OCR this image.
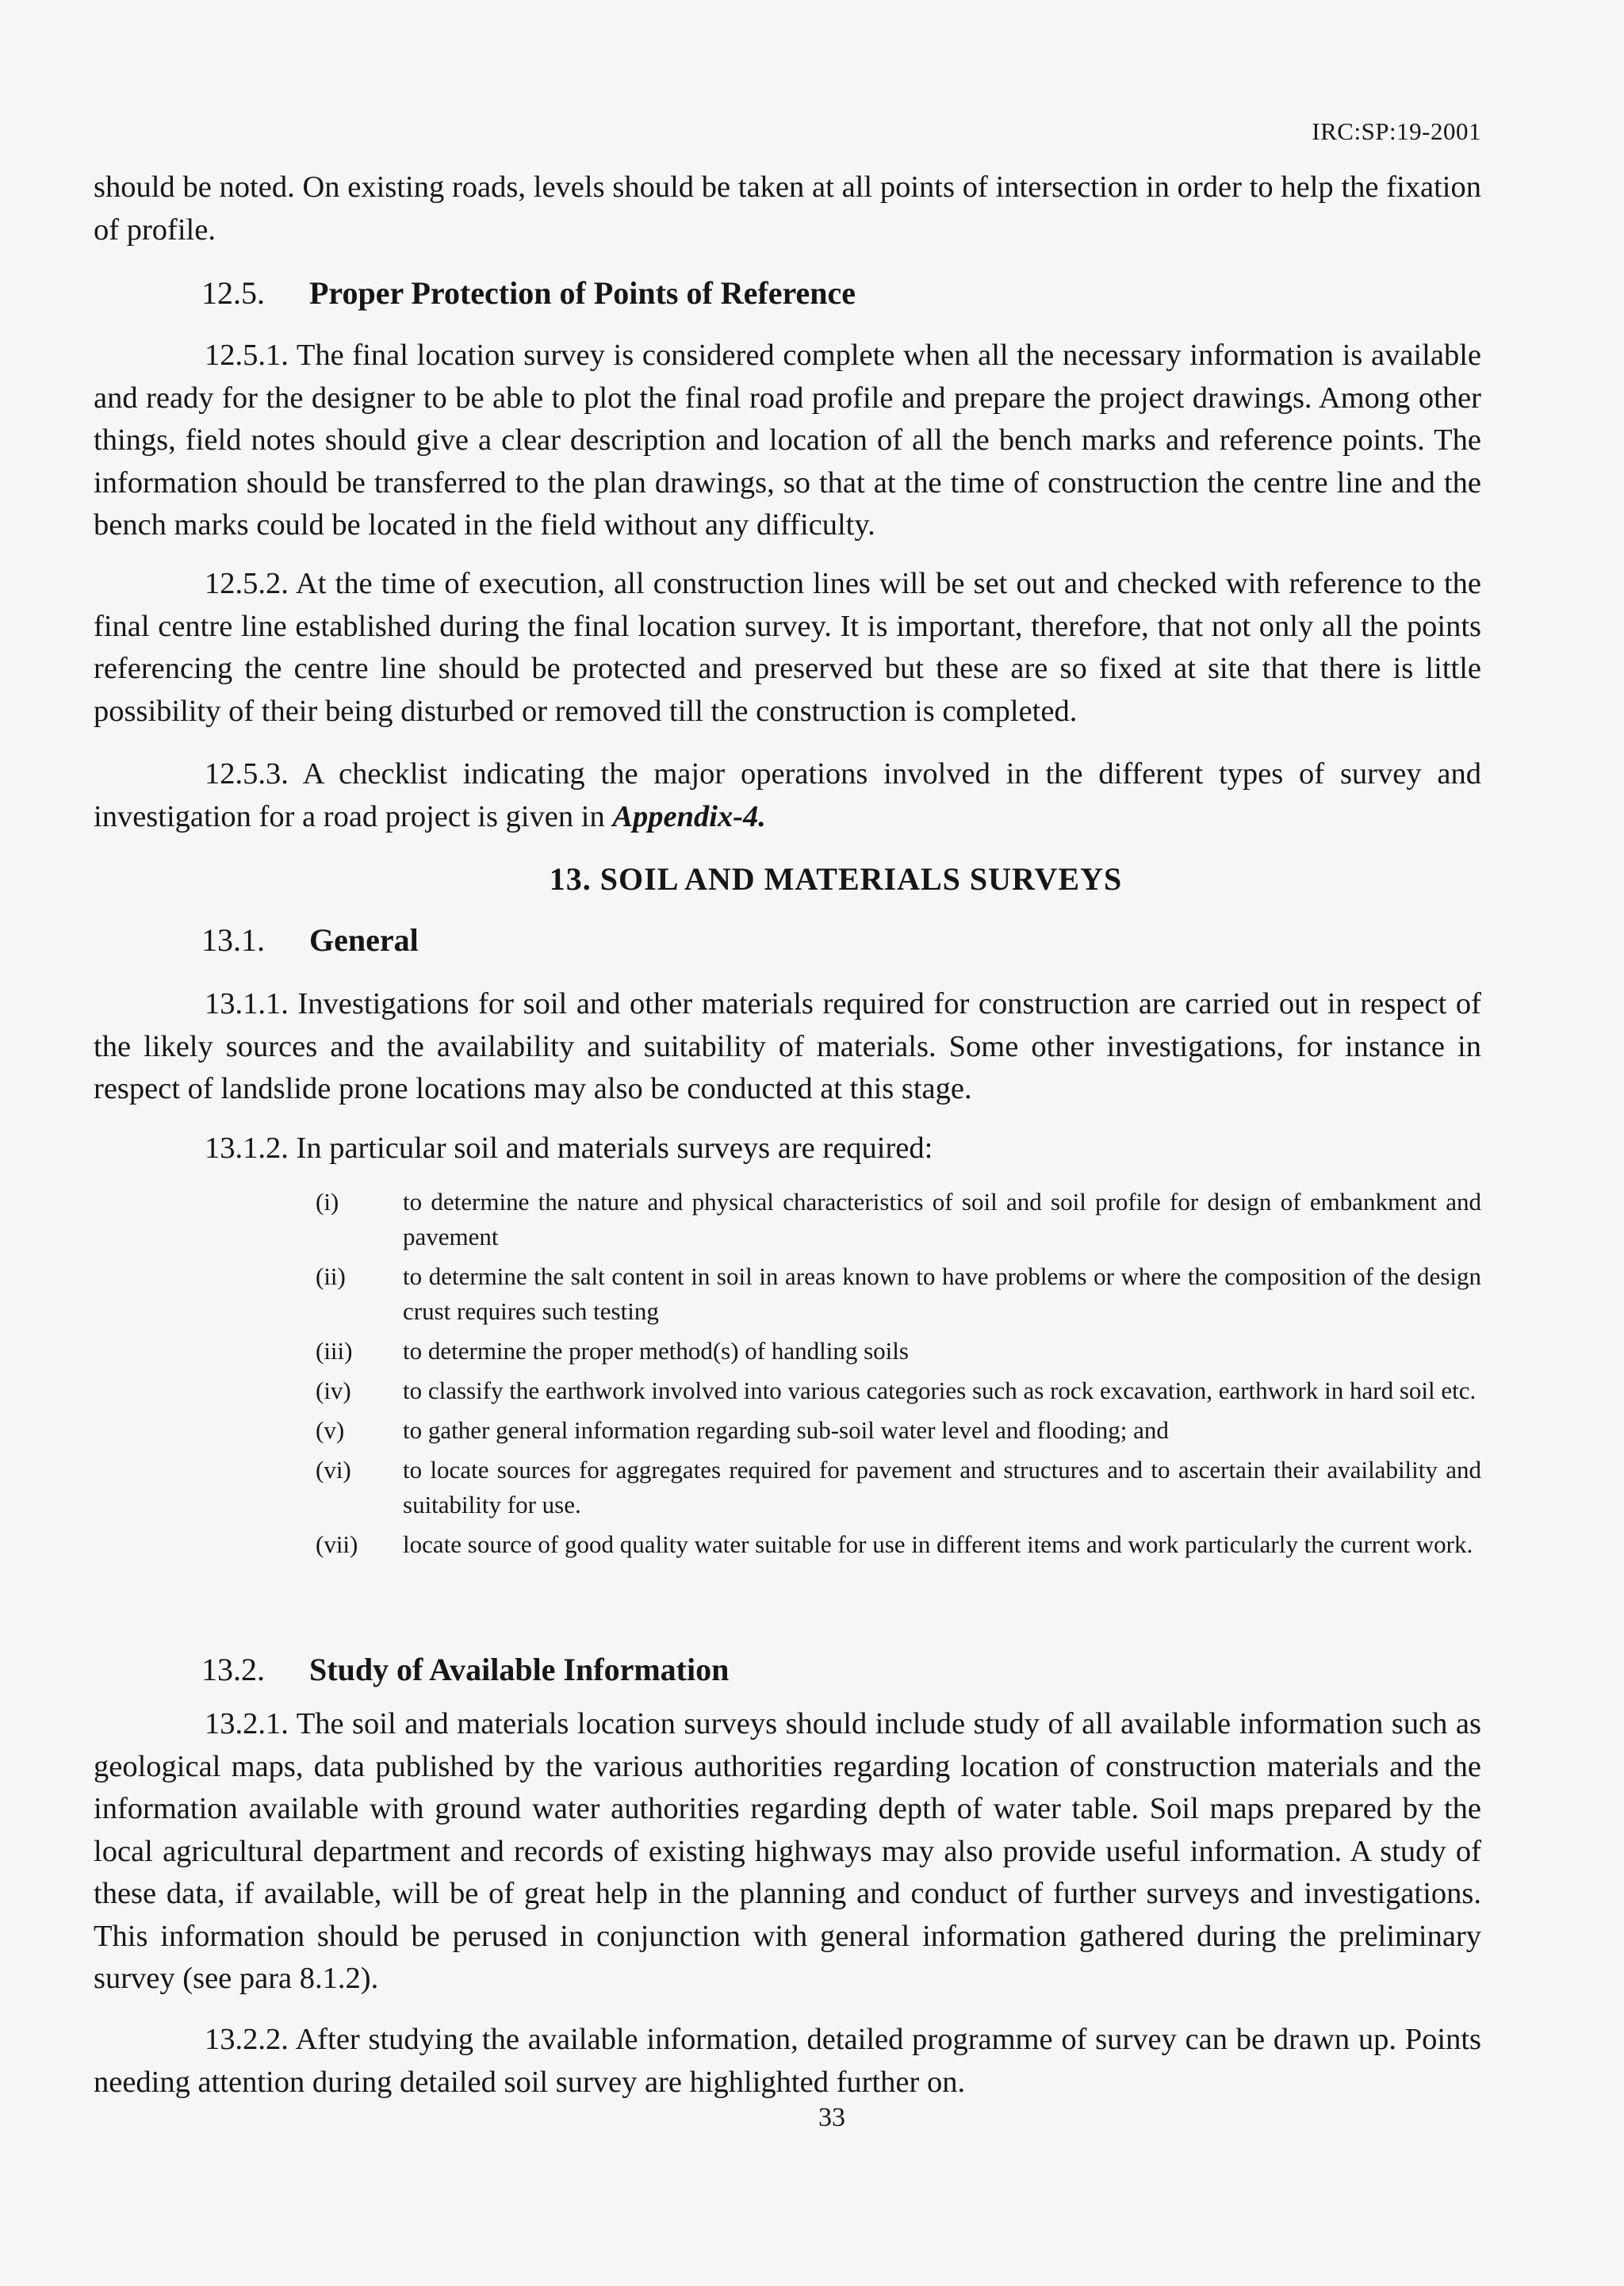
IRC:SP:19-2001

should be noted. On existing roads, levels should be taken at all points of intersection in order to help the fixation of profile.

12.5. Proper Protection of Points of Reference

12.5.1. The final location survey is considered complete when all the necessary information is available and ready for the designer to be able to plot the final road profile and prepare the project drawings. Among other things, field notes should give a clear description and location of all the bench marks and reference points. The information should be transferred to the plan drawings, so that at the time of construction the centre line and the bench marks could be located in the field without any difficulty.

12.5.2. At the time of execution, all construction lines will be set out and checked with reference to the final centre line established during the final location survey. It is important, therefore, that not only all the points referencing the centre line should be protected and preserved but these are so fixed at site that there is little possibility of their being disturbed or removed till the construction is completed.

12.5.3. A checklist indicating the major operations involved in the different types of survey and investigation for a road project is given in Appendix-4.

13. SOIL AND MATERIALS SURVEYS
13.1. General

13.1.1. Investigations for soil and other materials required for construction are carried out in respect of the likely sources and the availability and suitability of materials. Some other investigations, for instance in respect of landslide prone locations may also be conducted at this stage.

13.1.2. In particular soil and materials surveys are required:

(i)	to determine the nature and physical characteristics of soil and soil profile for design of embankment and pavement
(ii) to determine the salt content in soil in areas known to have problems or where the composition of the design crust requires such testing
(iii) to determine the proper method(s) of handling soils
(iv) to classify the earthwork involved into various categories such as rock excavation, earthwork in hard soil etc.
(v) to gather general information regarding sub-soil water level and flooding; and
(vi) to locate sources for aggregates required for pavement and structures and to ascertain their availability and suitability for use.
(vii) locate source of good quality water suitable for use in different items and work particularly the current work.
13.2. Study of Available Information

13.2.1. The soil and materials location surveys should include study of all available information such as geological maps, data published by the various authorities regarding location of construction materials and the information available with ground water authorities regarding depth of water table. Soil maps prepared by the local agricultural department and records of existing highways may also provide useful information. A study of these data, if available, will be of great help in the planning and conduct of further surveys and investigations. This information should be perused in conjunction with general information gathered during the preliminary survey (see para 8.1.2).

13.2.2. After studying the available information, detailed programme of survey can be drawn up. Points needing attention during detailed soil survey are highlighted further on.

33
